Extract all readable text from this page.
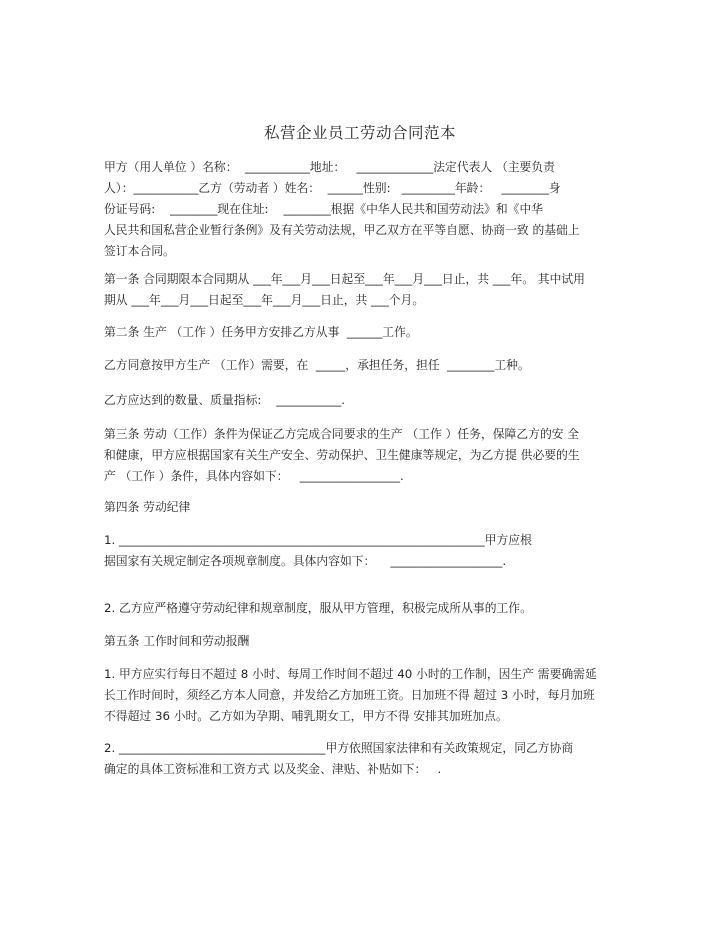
私营企业员工劳动合同范本
甲方（用人单位 ）名称：  ___________地址：   _____________法定代表人 （主要负责
人）：___________乙方（劳动者 ）姓名：  ______性别:   _________年龄：   ________身
份证号码:    ________现在住址:    ________根据《中华人民共和国劳动法》和《中华
人民共和国私营企业暂行条例》及有关劳动法规，甲乙双方在平等自愿、协商一致 的基础上
签订本合同。
第一条 合同期限本合同期从 ___年___月___日起至___年___月___日止，共 ___年。 其中试用
期从 ___年___月___日起至___年___月___日止，共 ___个月。
第二条 生产 （工作 ）任务甲方安排乙方从事  ______工作。
乙方同意按甲方生产 （工作）需要，在  _____，承担任务，担任  ________工种。
乙方应达到的数量、质量指标:    ___________.
第三条 劳动（工作）条件为保证乙方完成合同要求的生产 （工作 ）任务，保障乙方的安 全
和健康，甲方应根据国家有关生产安全、劳动保护、卫生健康等规定，为乙方提 供必要的生
产 （工作 ）条件，具体内容如下：   _________________.
第四条 劳动纪律
1. ______________________________________________________________甲方应根
据国家有关规定制定各项规章制度。具体内容如下：    ___________________.
2. 乙方应严格遵守劳动纪律和规章制度，服从甲方管理，积极完成所从事的工作。
第五条 工作时间和劳动报酬
1. 甲方应实行每日不超过 8 小时、每周工作时间不超过 40 小时的工作制，因生产 需要确需延
长工作时间时，须经乙方本人同意，并发给乙方加班工资。日加班不得 超过 3 小时，每月加班
不得超过 36 小时。乙方如为孕期、哺乳期女工，甲方不得 安排其加班加点。
2. ___________________________________甲方依照国家法律和有关政策规定，同乙方协商
确定的具体工资标准和工资方式 以及奖金、津贴、补贴如下：   .
